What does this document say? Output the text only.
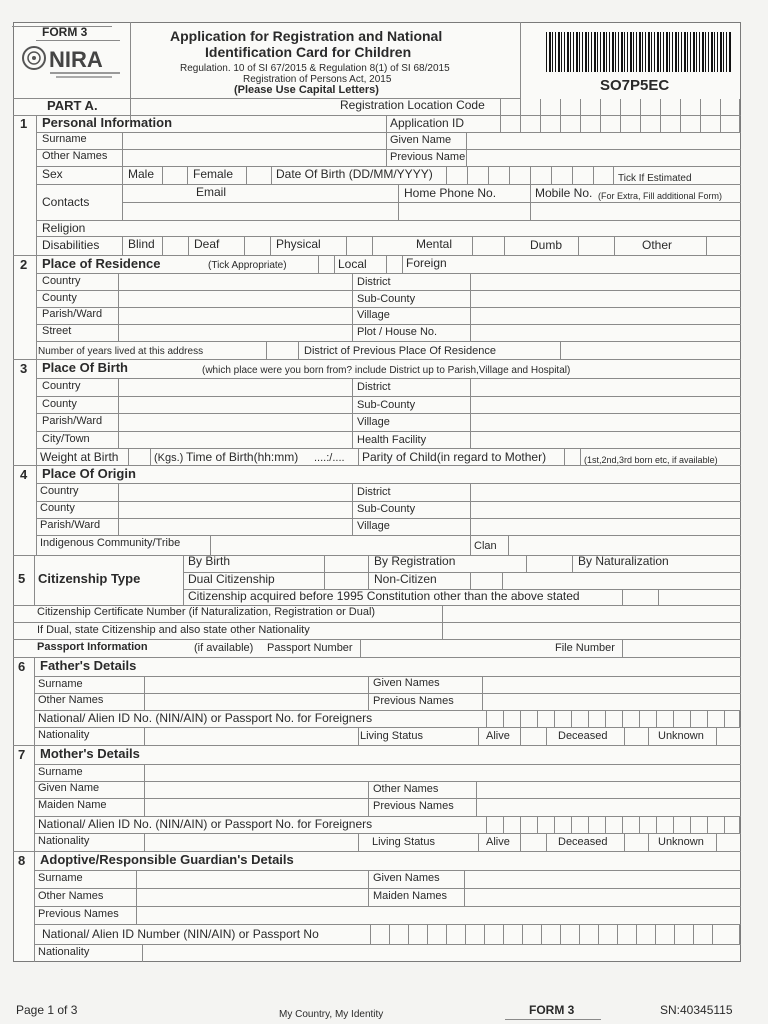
FORM 3
NIRA
Application for Registration and National
Identification Card for Children
Regulation. 10 of SI 67/2015 & Regulation 8(1) of SI 68/2015
Registration of Persons Act, 2015
(Please Use Capital Letters)	SO7P5EC
PART A.	Registration Location Code
1 Personal Information	Application ID
Surname	Given Name
Other Names	Previous Name
Sex	Male	Female	Date Of Birth (DD/MM/YYYY)	Tick If Estimated
Contacts
Email	Home Phone No.	Mobile No. (For Extra, Fill additional Form)
Religion
Disabilities Blind	Deaf	Physical	Mental	Dumb	Other
2 Place of Residence	(Tick Appropriate)	Local	Foreign
Country	District
County	Sub-County
Parish/Ward	Village
Street	Plot / House No.
Number of years lived at this address	District of Previous Place Of Residence
3 Place Of Birth	(which place were you born from? include District up to Parish,Village and Hospital)
Country	District
County	Sub-County
Parish/Ward	Village
City/Town	Health Facility
Weight at Birth	(Kgs.) Time of Birth(hh:mm) ....:/.... Parity of Child(in regard to Mother)	(1st,2nd,3rd born etc, if available)
4 Place Of Origin
Country	District
County	Sub-County
Parish/Ward	Village
Indigenous Community/Tribe	Clan
5 Citizenship Type
By Birth	By Registration	By Naturalization
Dual Citizenship	Non-Citizen
Citizenship acquired before 1995 Constitution other than the above stated
Citizenship Certificate Number (if Naturalization, Registration or Dual)
If Dual, state Citizenship and also state other Nationality
Passport Information	(if available) Passport Number	File Number
6 Father's Details
Surname	Given Names
Other Names	Previous Names
National/ Alien ID No. (NIN/AIN) or Passport No. for Foreigners
Nationality	Living Status	Alive	Deceased	Unknown
7 Mother's Details
Surname
Given Name	Other Names
Maiden Name	Previous Names
National/ Alien ID No. (NIN/AIN) or Passport No. for Foreigners
Nationality	Living Status	Alive	Deceased	Unknown
8 Adoptive/Responsible Guardian's Details
Surname	Given Names
Other Names	Maiden Names
Previous Names
National/ Alien ID Number (NIN/AIN) or Passport No
Nationality
Page 1 of 3	My Country, My Identity	FORM 3	SN:40345115
